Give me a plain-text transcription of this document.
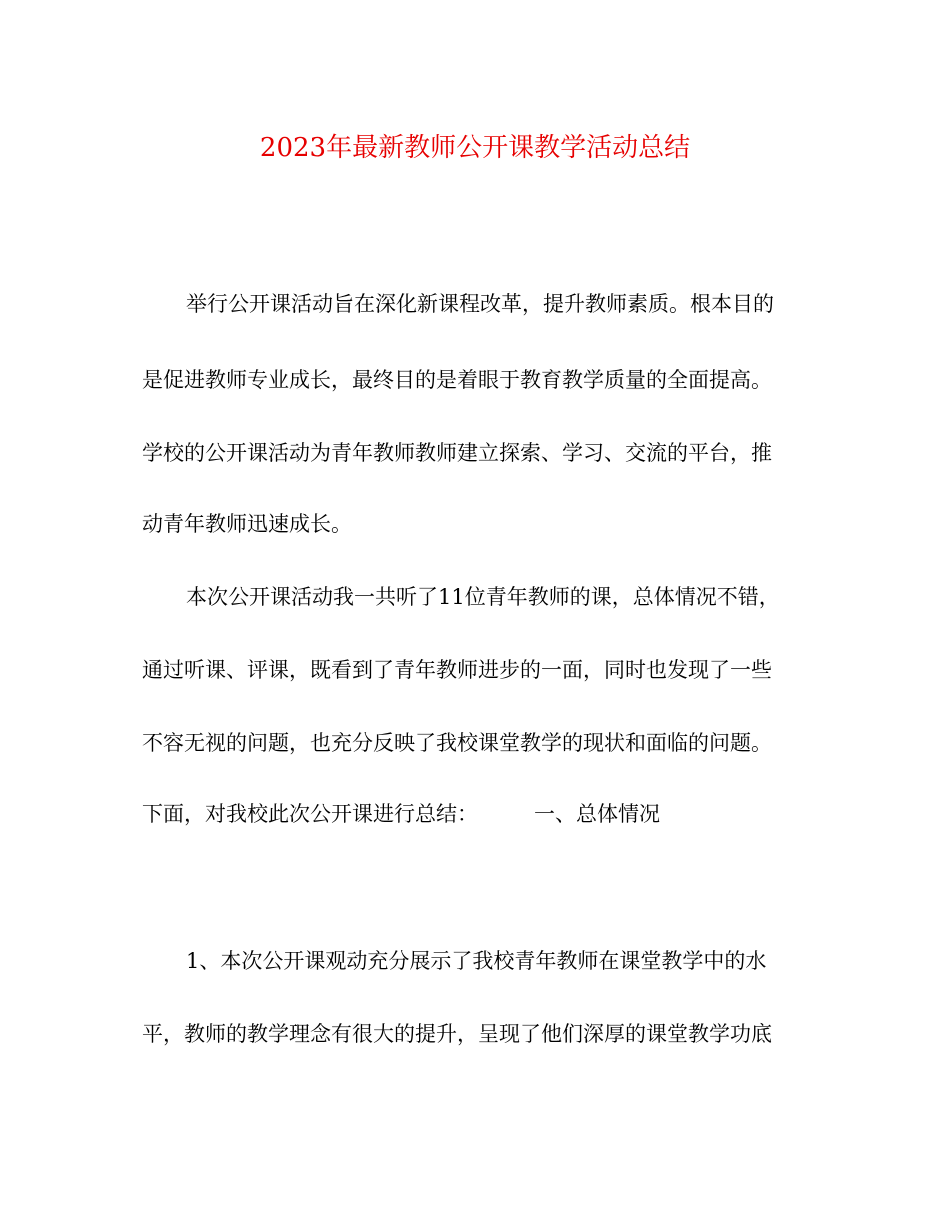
2023年最新教师公开课教学活动总结
举行公开课活动旨在深化新课程改革，提升教师素质。根本目的
是促进教师专业成长，最终目的是着眼于教育教学质量的全面提高。
学校的公开课活动为青年教师教师建立探索、学习、交流的平台，推
动青年教师迅速成长。
本次公开课活动我一共听了11位青年教师的课，总体情况不错，
通过听课、评课，既看到了青年教师进步的一面，同时也发现了一些
不容无视的问题，也充分反映了我校课堂教学的现状和面临的问题。
下面，对我校此次公开课进行总结：	一、总体情况
1、本次公开课观动充分展示了我校青年教师在课堂教学中的水
平，教师的教学理念有很大的提升，呈现了他们深厚的课堂教学功底
